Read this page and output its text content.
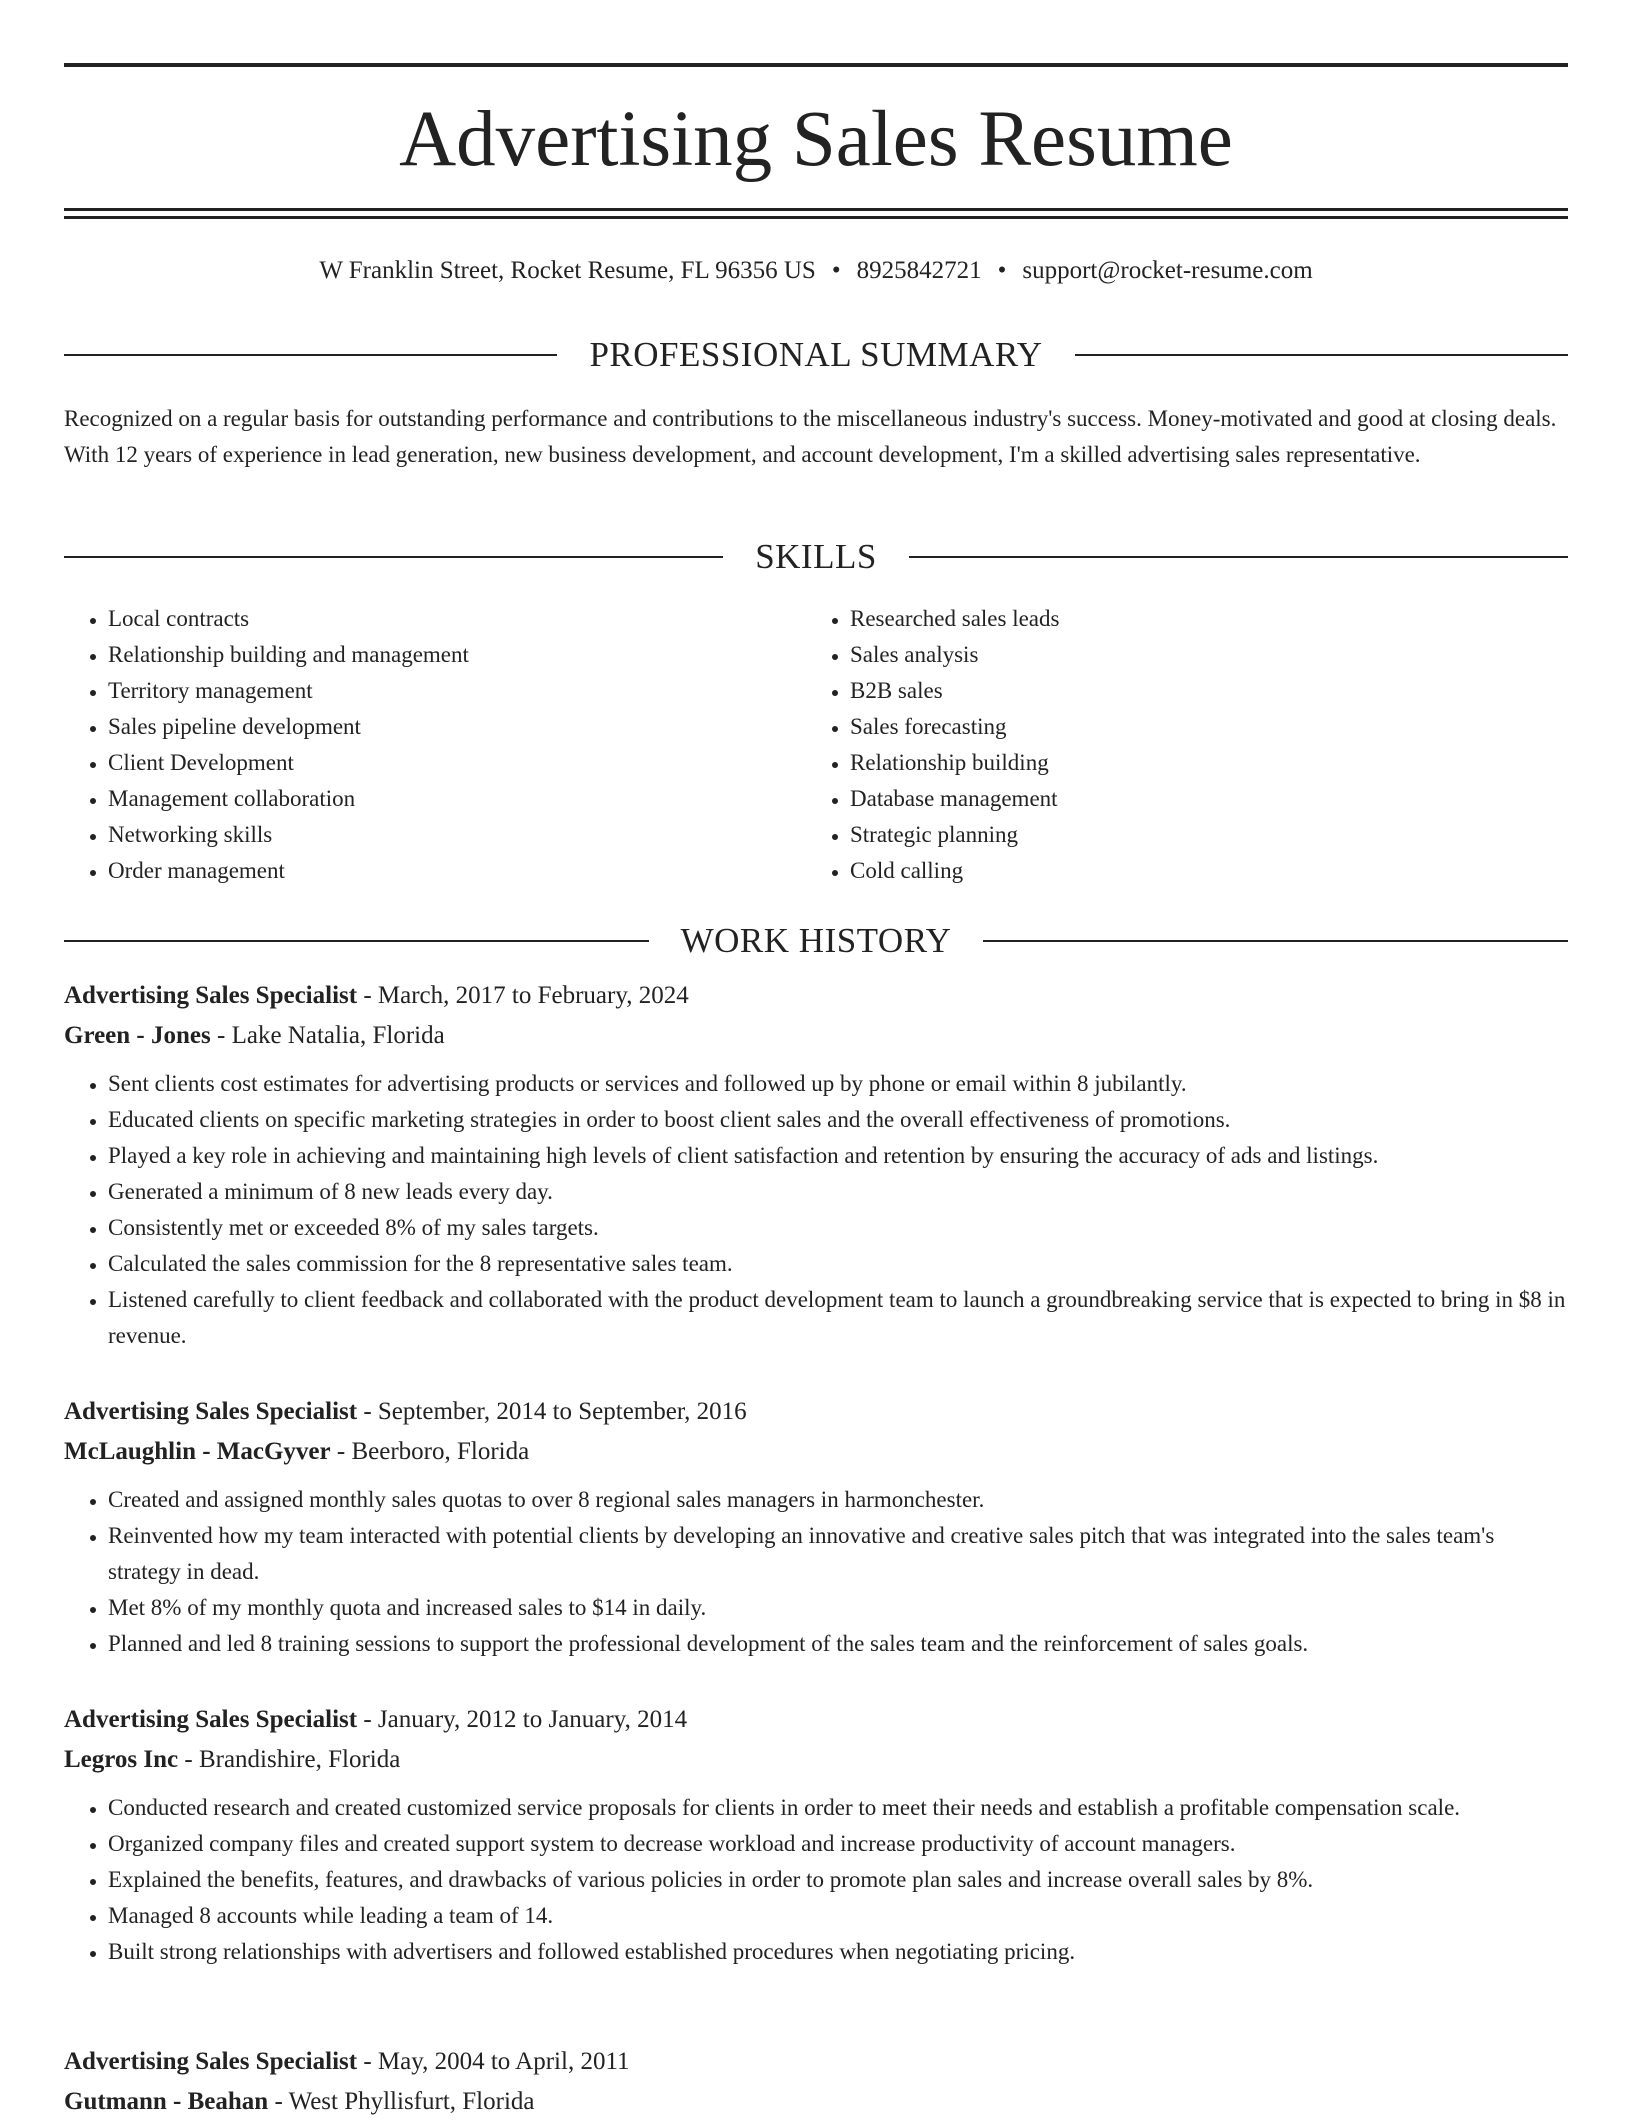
Advertising Sales Resume
W Franklin Street, Rocket Resume, FL 96356 US • 8925842721 • support@rocket-resume.com
PROFESSIONAL SUMMARY

Recognized on a regular basis for outstanding performance and contributions to the miscellaneous industry's success. Money-motivated and good at closing deals. With 12 years of experience in lead generation, new business development, and account development, I'm a skilled advertising sales representative.

SKILLS
• Local contracts
• Relationship building and management
• Territory management
• Sales pipeline development
• Client Development
• Management collaboration
• Networking skills
• Order management
• Researched sales leads
• Sales analysis
• B2B sales
• Sales forecasting
• Relationship building
• Database management
• Strategic planning
• Cold calling
WORK HISTORY
Advertising Sales Specialist - March, 2017 to February, 2024
Green - Jones - Lake Natalia, Florida
• Sent clients cost estimates for advertising products or services and followed up by phone or email within 8 jubilantly.
• Educated clients on specific marketing strategies in order to boost client sales and the overall effectiveness of promotions.
• Played a key role in achieving and maintaining high levels of client satisfaction and retention by ensuring the accuracy of ads and listings.
• Generated a minimum of 8 new leads every day.
• Consistently met or exceeded 8% of my sales targets.
• Calculated the sales commission for the 8 representative sales team.
• Listened carefully to client feedback and collaborated with the product development team to launch a groundbreaking service that is expected to bring in $8 in revenue.
Advertising Sales Specialist - September, 2014 to September, 2016
McLaughlin - MacGyver - Beerboro, Florida
• Created and assigned monthly sales quotas to over 8 regional sales managers in harmonchester.
• Reinvented how my team interacted with potential clients by developing an innovative and creative sales pitch that was integrated into the sales team's strategy in dead.
• Met 8% of my monthly quota and increased sales to $14 in daily.
• Planned and led 8 training sessions to support the professional development of the sales team and the reinforcement of sales goals.
Advertising Sales Specialist - January, 2012 to January, 2014
Legros Inc - Brandishire, Florida
• Conducted research and created customized service proposals for clients in order to meet their needs and establish a profitable compensation scale.
• Organized company files and created support system to decrease workload and increase productivity of account managers.
• Explained the benefits, features, and drawbacks of various policies in order to promote plan sales and increase overall sales by 8%.
• Managed 8 accounts while leading a team of 14.
• Built strong relationships with advertisers and followed established procedures when negotiating pricing.
Advertising Sales Specialist - May, 2004 to April, 2011
Gutmann - Beahan - West Phyllisfurt, Florida
